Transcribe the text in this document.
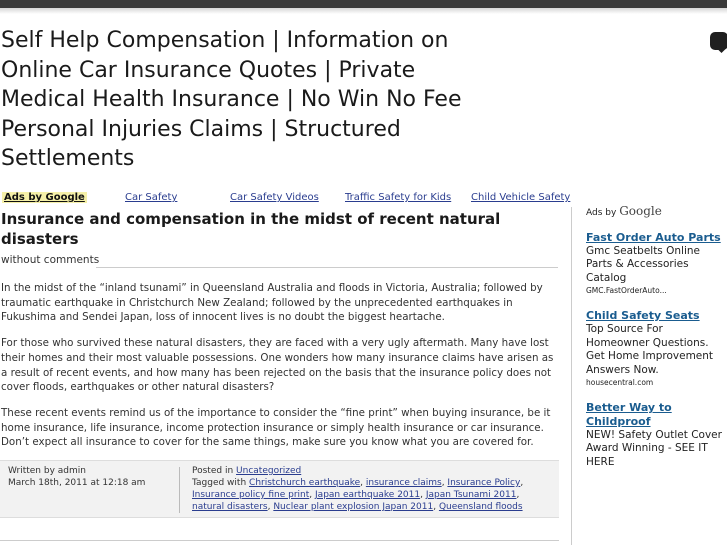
Self Help Compensation | Information on Online Car Insurance Quotes | Private Medical Health Insurance | No Win No Fee Personal Injuries Claims | Structured Settlements
Ads by Google	Car Safety	Car Safety Videos	Traffic Safety for Kids Child Vehicle Safety
Insurance and compensation in the midst of recent natural disasters
without comments

In the midst of the “inland tsunami” in Queensland Australia and floods in Victoria, Australia; followed by traumatic earthquake in Christchurch New Zealand; followed by the unprecedented earthquakes in Fukushima and Sendei Japan, loss of innocent lives is no doubt the biggest heartache.

For those who survived these natural disasters, they are faced with a very ugly aftermath. Many have lost their homes and their most valuable possessions. One wonders how many insurance claims have arisen as a result of recent events, and how many has been rejected on the basis that the insurance policy does not cover floods, earthquakes or other natural disasters?

These recent events remind us of the importance to consider the “fine print” when buying insurance, be it home insurance, life insurance, income protection insurance or simply health insurance or car insurance. Don’t expect all insurance to cover for the same things, make sure you know what you are covered for.

Written by admin
March 18th, 2011 at 12:18 am
Posted in Uncategorized
Tagged with Christchurch earthquake, insurance claims, Insurance Policy,
Insurance policy fine print, Japan earthquake 2011, Japan Tsunami 2011,
natural disasters, Nuclear plant explosion Japan 2011, Queensland floods
Ads by Google
Fast Order Auto Parts
Gmc Seatbelts Online Parts & Accessories Catalog
GMC.FastOrderAuto...
Child Safety Seats
Top Source For Homeowner Questions. Get Home Improvement Answers Now.
housecentral.com
Better Way to Childproof
NEW! Safety Outlet Cover Award Winning - SEE IT HERE
